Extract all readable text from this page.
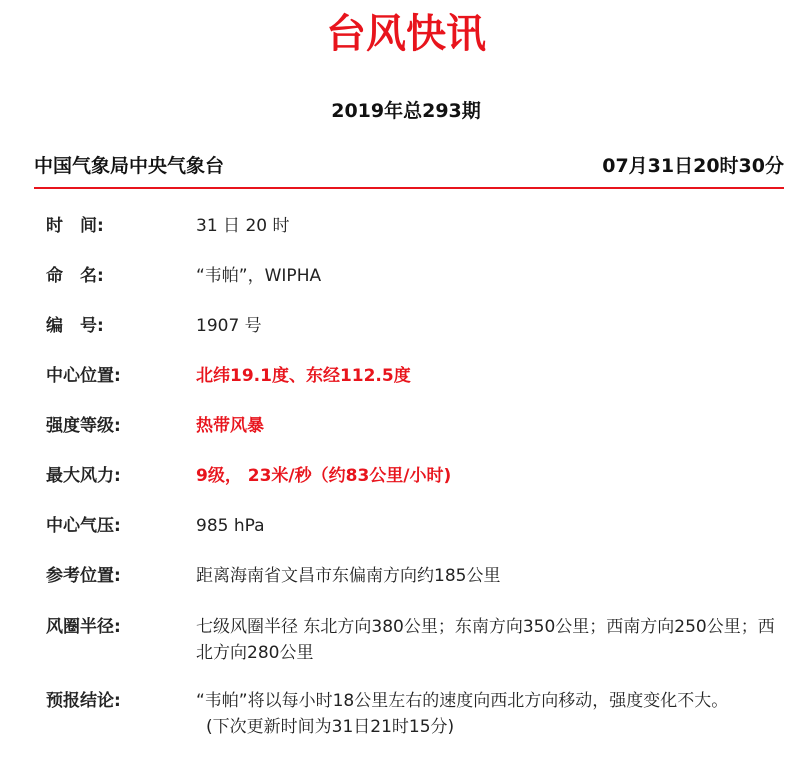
台风快讯
2019年总293期
中国气象局中央气象台	07月31日20时30分
时　间:	31 日 20 时
命　名:	“韦帕”，WIPHA
编　号:	1907 号
中心位置:	北纬19.1度、东经112.5度
强度等级:	热带风暴
最大风力:	9级， 23米/秒（约83公里/小时)
中心气压:	985 hPa
参考位置:	距离海南省文昌市东偏南方向约185公里
风圈半径:	七级风圈半径 东北方向380公里；东南方向350公里；西南方向250公里；西北方向280公里
预报结论:	“韦帕”将以每小时18公里左右的速度向西北方向移动，强度变化不大。
(下次更新时间为31日21时15分)
